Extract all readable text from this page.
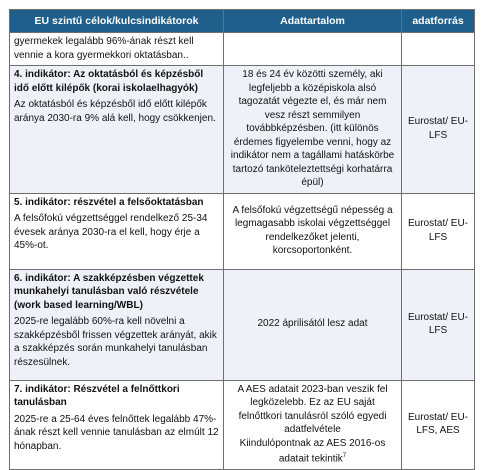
EU szintű célok/kulcsindikátorok	Adattartalom	adatforrás
gyermekek legalább 96%-ának részt kell vennie a kora gyermekkori oktatásban..		

4. indikátor: Az oktatásból és képzésből idő előtt kilépők (korai iskolaelhagyók)
Az oktatásból és képzésből idő előtt kilépők aránya 2030-ra 9% alá kell, hogy csökkenjen.	18 és 24 év közötti személy, aki legfeljebb a középiskola alsó tagozatát végezte el, és már nem vesz részt semmilyen továbbképzésben. (itt különös érdemes figyelembe venni, hogy az indikátor nem a tagállami hatáskörbe tartozó tanköteleztettségi korhatárra épül)	Eurostat/ EU-LFS

5. indikátor: részvétel a felsőoktatásban
A felsőfokú végzettséggel rendelkező 25-34 évesek aránya 2030-ra el kell, hogy érje a 45%-ot.	A felsőfokú végzettségű népesség a legmagasabb iskolai végzettséggel rendelkezőket jelenti, korcsoportonként.	Eurostat/ EU-LFS

6. indikátor: A szakképzésben végzettek munkahelyi tanulásban való részvétele (work based learning/WBL)
2025-re legalább 60%-ra kell növelni a szakképzésből frissen végzettek arányát, akik a szakképzés során munkahelyi tanulásban részesülnek.	2022 áprilisától lesz adat	Eurostat/ EU-LFS

7. indikátor: Részvétel a felnőttkori tanulásban
2025-re a 25-64 éves felnőttek legalább 47%-ának részt kell vennie tanulásban az elmúlt 12 hónapban.	A AES adatait 2023-ban veszik fel legközelebb. Ez az EU saját felnőttkori tanulásról szóló egyedi adatfelvétele
Kiindulópontnak az AES 2016-os adatait tekintik$^7$	Eurostat/ EU-LFS, AES
